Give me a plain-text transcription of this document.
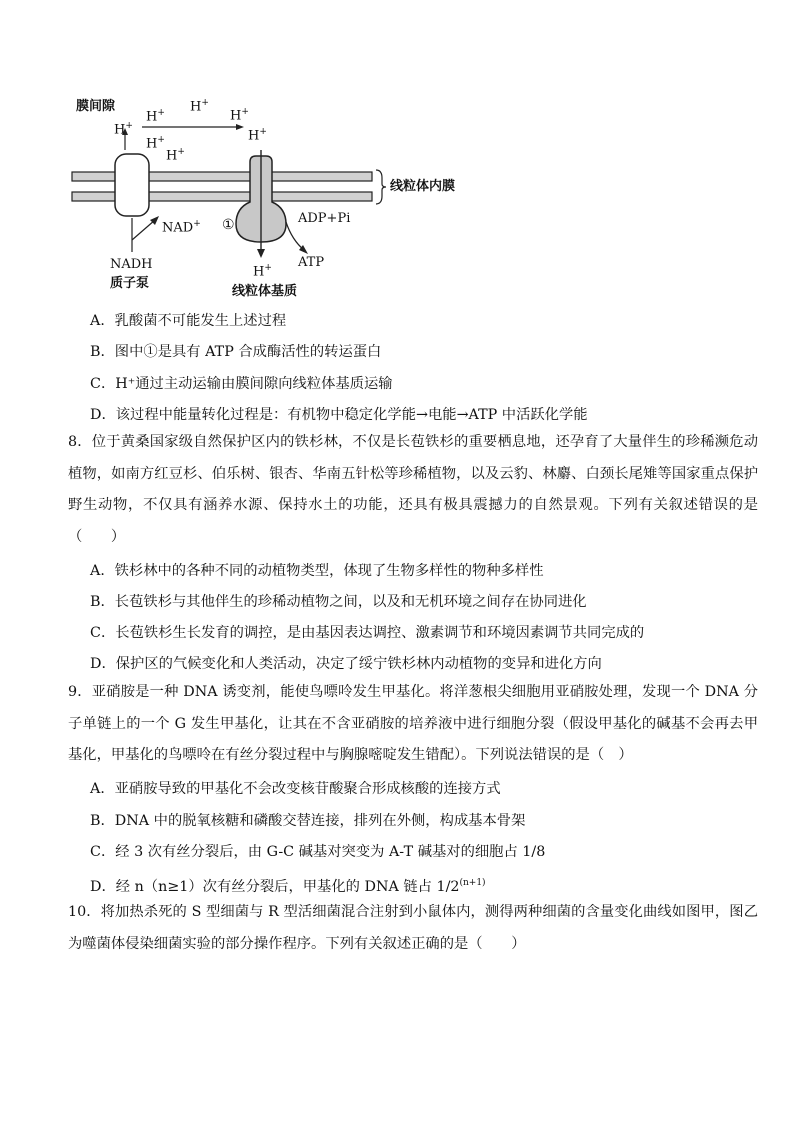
膜间隙
H+
H+ H+
H+
H+
H+
H+
H+
线粒体内膜
NAD+
NADH
质子泵
①	ADP+Pi
ATP
线粒体基质
A．乳酸菌不可能发生上述过程
B．图中①是具有 ATP 合成酶活性的转运蛋白
C．H⁺通过主动运输由膜间隙向线粒体基质运输
D．该过程中能量转化过程是：有机物中稳定化学能→电能→ATP 中活跃化学能
8．位于黄桑国家级自然保护区内的铁杉林，不仅是长苞铁杉的重要栖息地，还孕育了大量伴生的珍稀濒危动植物，如南方红豆杉、伯乐树、银杏、华南五针松等珍稀植物，以及云豹、林麝、白颈长尾雉等国家重点保护野生动物，不仅具有涵养水源、保持水土的功能，还具有极具震撼力的自然景观。下列有关叙述错误的是（　　）
A．铁杉林中的各种不同的动植物类型，体现了生物多样性的物种多样性
B．长苞铁杉与其他伴生的珍稀动植物之间，以及和无机环境之间存在协同进化
C．长苞铁杉生长发育的调控，是由基因表达调控、激素调节和环境因素调节共同完成的
D．保护区的气候变化和人类活动，决定了绥宁铁杉林内动植物的变异和进化方向
9．亚硝胺是一种 DNA 诱变剂，能使鸟嘌呤发生甲基化。将洋葱根尖细胞用亚硝胺处理，发现一个 DNA 分子单链上的一个 G 发生甲基化，让其在不含亚硝胺的培养液中进行细胞分裂（假设甲基化的碱基不会再去甲基化，甲基化的鸟嘌呤在有丝分裂过程中与胸腺嘧啶发生错配）。下列说法错误的是（　）
A．亚硝胺导致的甲基化不会改变核苷酸聚合形成核酸的连接方式
B．DNA 中的脱氧核糖和磷酸交替连接，排列在外侧，构成基本骨架
C．经 3 次有丝分裂后，由 G-C 碱基对突变为 A-T 碱基对的细胞占 1/8
D．经 n（n≥1）次有丝分裂后，甲基化的 DNA 链占 $1/2^{(n+1)}$
10．将加热杀死的 S 型细菌与 R 型活细菌混合注射到小鼠体内，测得两种细菌的含量变化曲线如图甲，图乙为噬菌体侵染细菌实验的部分操作程序。下列有关叙述正确的是（　　）
